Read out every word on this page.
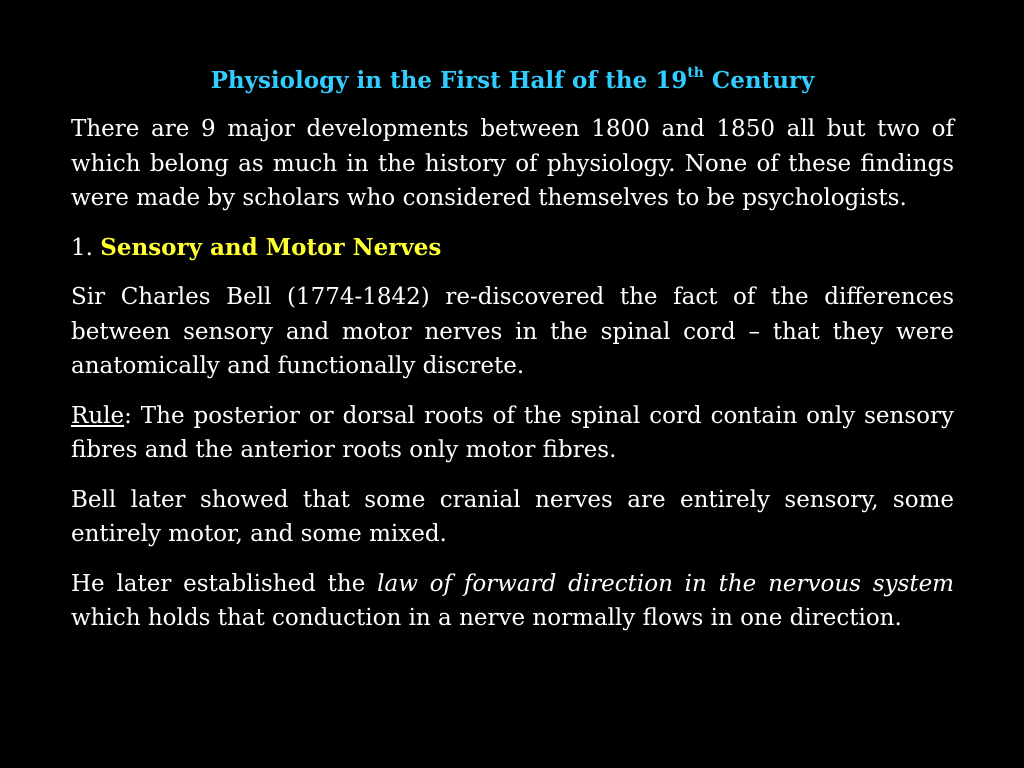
Physiology in the First Half of the 19th Century

There are 9 major developments between 1800 and 1850 all but two of which belong as much in the history of physiology. None of these findings were made by scholars who considered themselves to be psychologists.

1. Sensory and Motor Nerves

Sir Charles Bell (1774-1842) re-discovered the fact of the differences between sensory and motor nerves in the spinal cord – that they were anatomically and functionally discrete.

Rule: The posterior or dorsal roots of the spinal cord contain only sensory fibres and the anterior roots only motor fibres.

Bell later showed that some cranial nerves are entirely sensory, some entirely motor, and some mixed.

He later established the law of forward direction in the nervous system which holds that conduction in a nerve normally flows in one direction.
